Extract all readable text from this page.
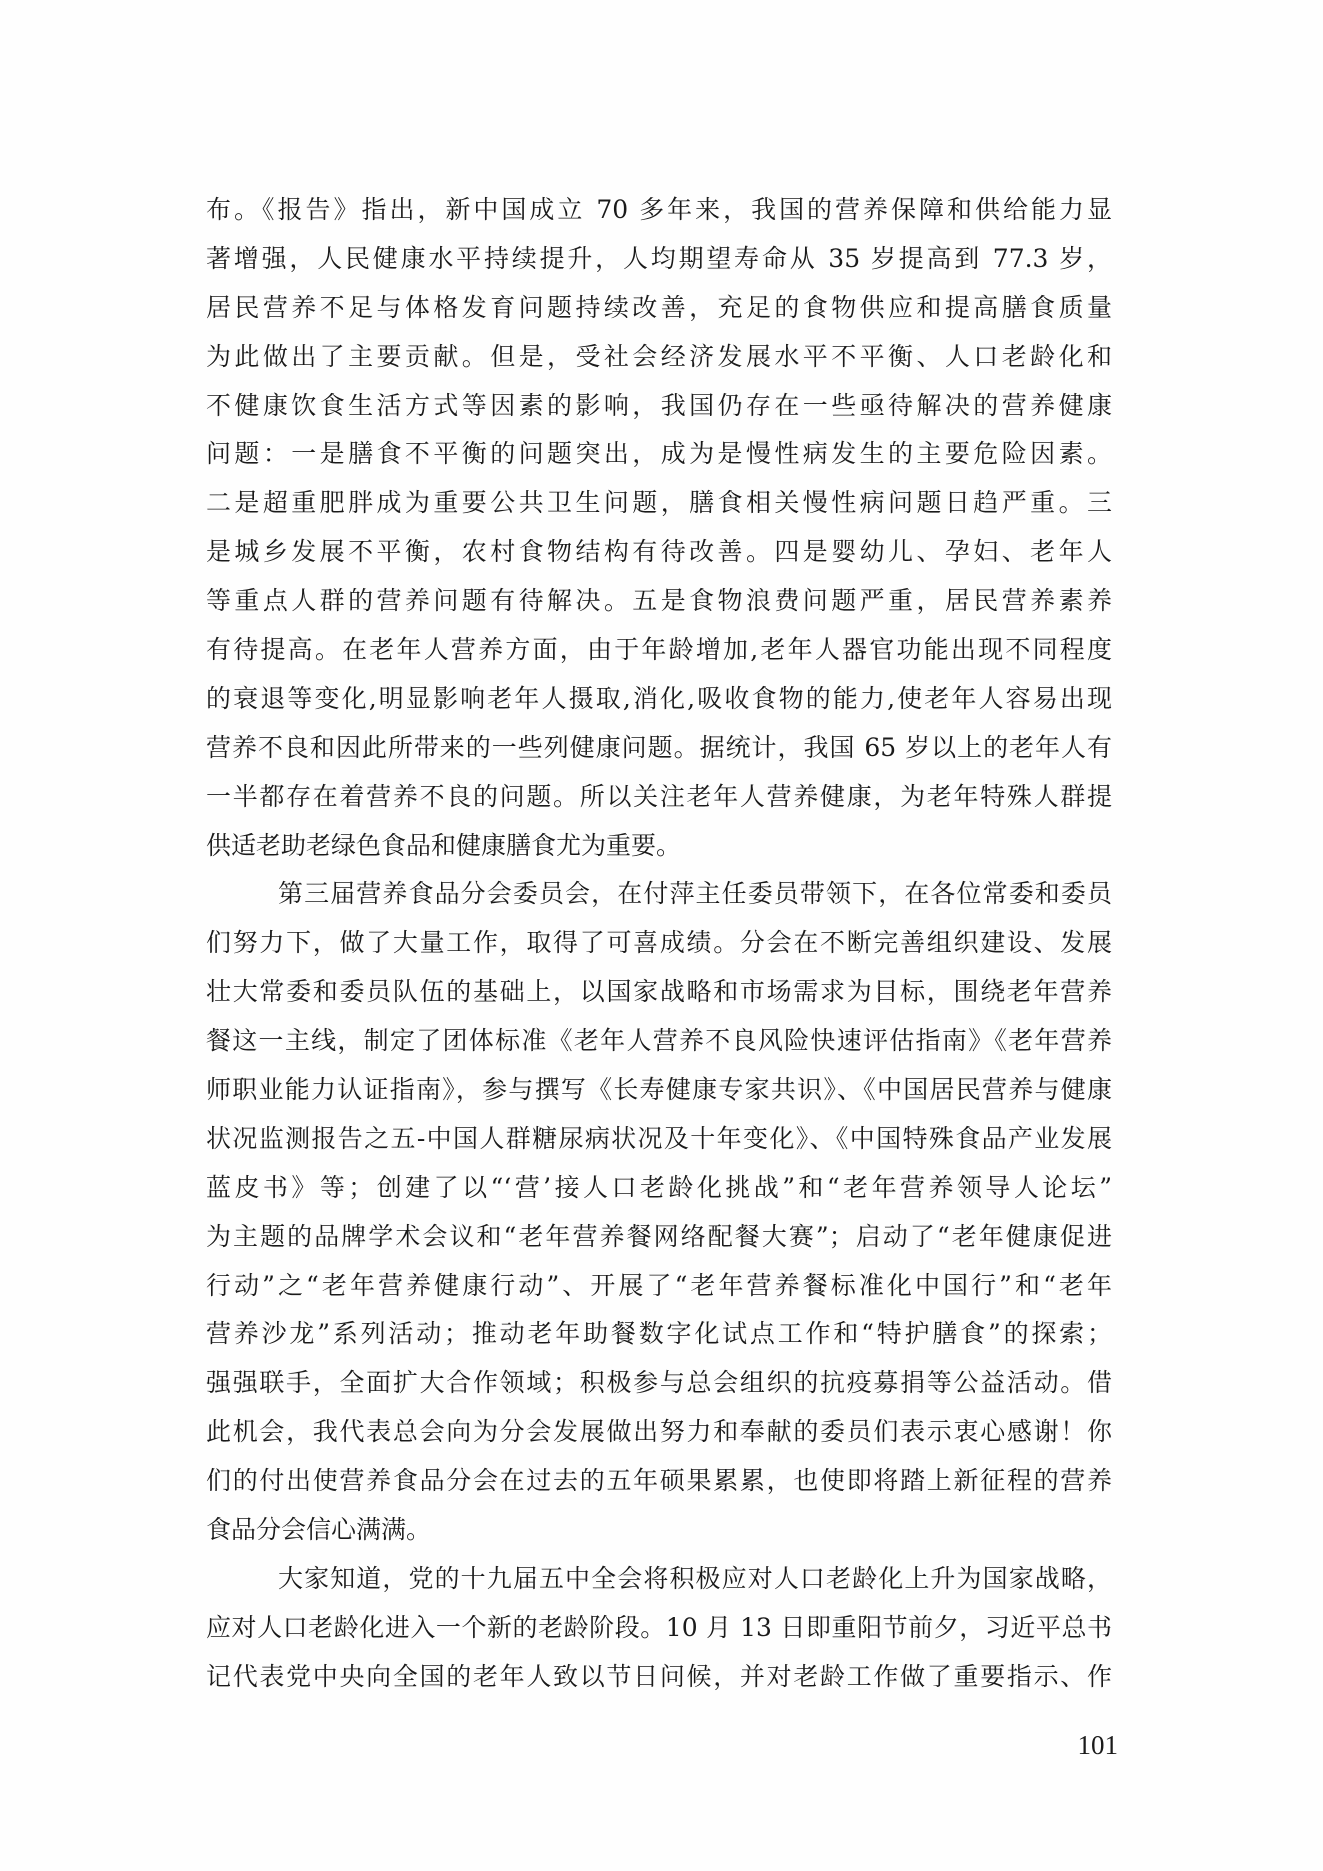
布。《报告》指出，新中国成立 70 多年来，我国的营养保障和供给能力显
著增强，人民健康水平持续提升，人均期望寿命从 35 岁提高到 77.3 岁，
居民营养不足与体格发育问题持续改善，充足的食物供应和提高膳食质量
为此做出了主要贡献。但是，受社会经济发展水平不平衡、人口老龄化和
不健康饮食生活方式等因素的影响，我国仍存在一些亟待解决的营养健康
问题：一是膳食不平衡的问题突出，成为是慢性病发生的主要危险因素。
二是超重肥胖成为重要公共卫生问题，膳食相关慢性病问题日趋严重。三
是城乡发展不平衡，农村食物结构有待改善。四是婴幼儿、孕妇、老年人
等重点人群的营养问题有待解决。五是食物浪费问题严重，居民营养素养
有待提高。在老年人营养方面，由于年龄增加,老年人器官功能出现不同程度
的衰退等变化,明显影响老年人摄取,消化,吸收食物的能力,使老年人容易出现
营养不良和因此所带来的一些列健康问题。据统计，我国 65 岁以上的老年人有
一半都存在着营养不良的问题。所以关注老年人营养健康，为老年特殊人群提
供适老助老绿色食品和健康膳食尤为重要。
第三届营养食品分会委员会，在付萍主任委员带领下，在各位常委和委员
们努力下，做了大量工作，取得了可喜成绩。分会在不断完善组织建设、发展
壮大常委和委员队伍的基础上，以国家战略和市场需求为目标，围绕老年营养
餐这一主线，制定了团体标准《老年人营养不良风险快速评估指南》《老年营养
师职业能力认证指南》，参与撰写《长寿健康专家共识》、《中国居民营养与健康
状况监测报告之五-中国人群糖尿病状况及十年变化》、《中国特殊食品产业发展
蓝皮书》等；创建了以“‘营’接人口老龄化挑战”和“老年营养领导人论坛”
为主题的品牌学术会议和“老年营养餐网络配餐大赛”；启动了“老年健康促进
行动”之“老年营养健康行动”、开展了“老年营养餐标准化中国行”和“老年
营养沙龙”系列活动；推动老年助餐数字化试点工作和“特护膳食”的探索；
强强联手，全面扩大合作领域；积极参与总会组织的抗疫募捐等公益活动。借
此机会，我代表总会向为分会发展做出努力和奉献的委员们表示衷心感谢！你
们的付出使营养食品分会在过去的五年硕果累累，也使即将踏上新征程的营养
食品分会信心满满。
大家知道，党的十九届五中全会将积极应对人口老龄化上升为国家战略，
应对人口老龄化进入一个新的老龄阶段。10 月 13 日即重阳节前夕，习近平总书
记代表党中央向全国的老年人致以节日问候，并对老龄工作做了重要指示、作
101
